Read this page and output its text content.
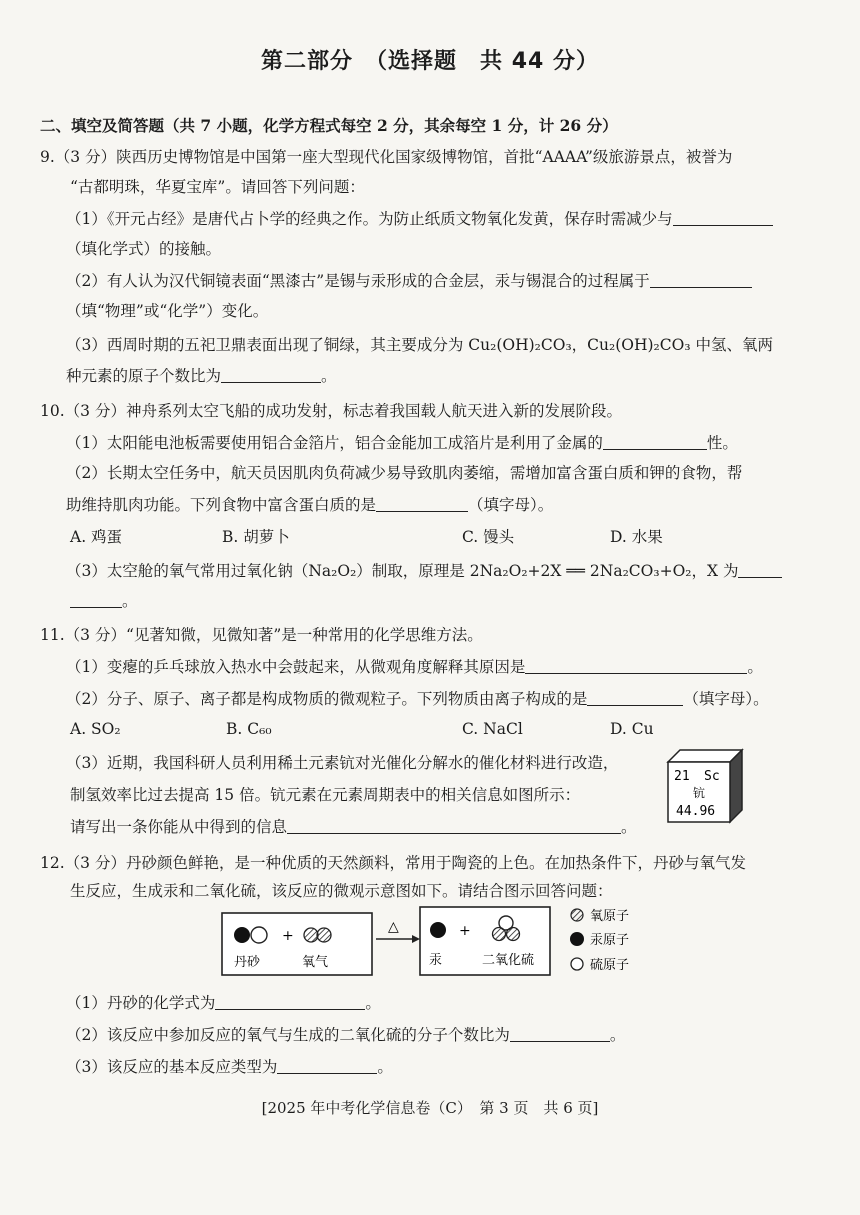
第二部分　（选择题　共 44 分）
二、填空及简答题（共 7 小题，化学方程式每空 2 分，其余每空 1 分，计 26 分）
9.（3 分）陕西历史博物馆是中国第一座大型现代化国家级博物馆，首批“AAAA”级旅游景点，被誉为
“古都明珠，华夏宝库”。请回答下列问题：
（1）《开元占经》是唐代占卜学的经典之作。为防止纸质文物氧化发黄，保存时需减少与
（填化学式）的接触。
（2）有人认为汉代铜镜表面“黑漆古”是锡与汞形成的合金层，汞与锡混合的过程属于
（填“物理”或“化学”）变化。
（3）西周时期的五祀卫鼎表面出现了铜绿，其主要成分为 Cu₂(OH)₂CO₃，Cu₂(OH)₂CO₃ 中氢、氧两
种元素的原子个数比为	。
10.（3 分）神舟系列太空飞船的成功发射，标志着我国载人航天进入新的发展阶段。
（1）太阳能电池板需要使用铝合金箔片，铝合金能加工成箔片是利用了金属的	性。
（2）长期太空任务中，航天员因肌肉负荷减少易导致肌肉萎缩，需增加富含蛋白质和钾的食物，帮
助维持肌肉功能。下列食物中富含蛋白质的是	（填字母）。
A. 鸡蛋	B. 胡萝卜	C. 馒头	D. 水果
（3）太空舱的氧气常用过氧化钠（Na₂O₂）制取，原理是 2Na₂O₂+2X ══ 2Na₂CO₃+O₂，X 为
。
11.（3 分）“见著知微，见微知著”是一种常用的化学思维方法。
（1）变瘪的乒乓球放入热水中会鼓起来，从微观角度解释其原因是	。
（2）分子、原子、离子都是构成物质的微观粒子。下列物质由离子构成的是	（填字母）。
A. SO₂	B. C₆₀	C. NaCl	D. Cu
（3）近期，我国科研人员利用稀土元素钪对光催化分解水的催化材料进行改造，
制氢效率比过去提高 15 倍。钪元素在元素周期表中的相关信息如图所示：
请写出一条你能从中得到的信息	。
21 Sc
钪
44.96
12.（3 分）丹砂颜色鲜艳，是一种优质的天然颜料，常用于陶瓷的上色。在加热条件下，丹砂与氧气发
生反应，生成汞和二氧化硫，该反应的微观示意图如下。请结合图示回答问题：
+
丹砂	氧气
△	+
汞	二氧化硫
氧原子
汞原子
硫原子
（1）丹砂的化学式为	。
（2）该反应中参加反应的氧气与生成的二氧化硫的分子个数比为	。
（3）该反应的基本反应类型为	。
[2025 年中考化学信息卷（C）　第 3 页　共 6 页]
